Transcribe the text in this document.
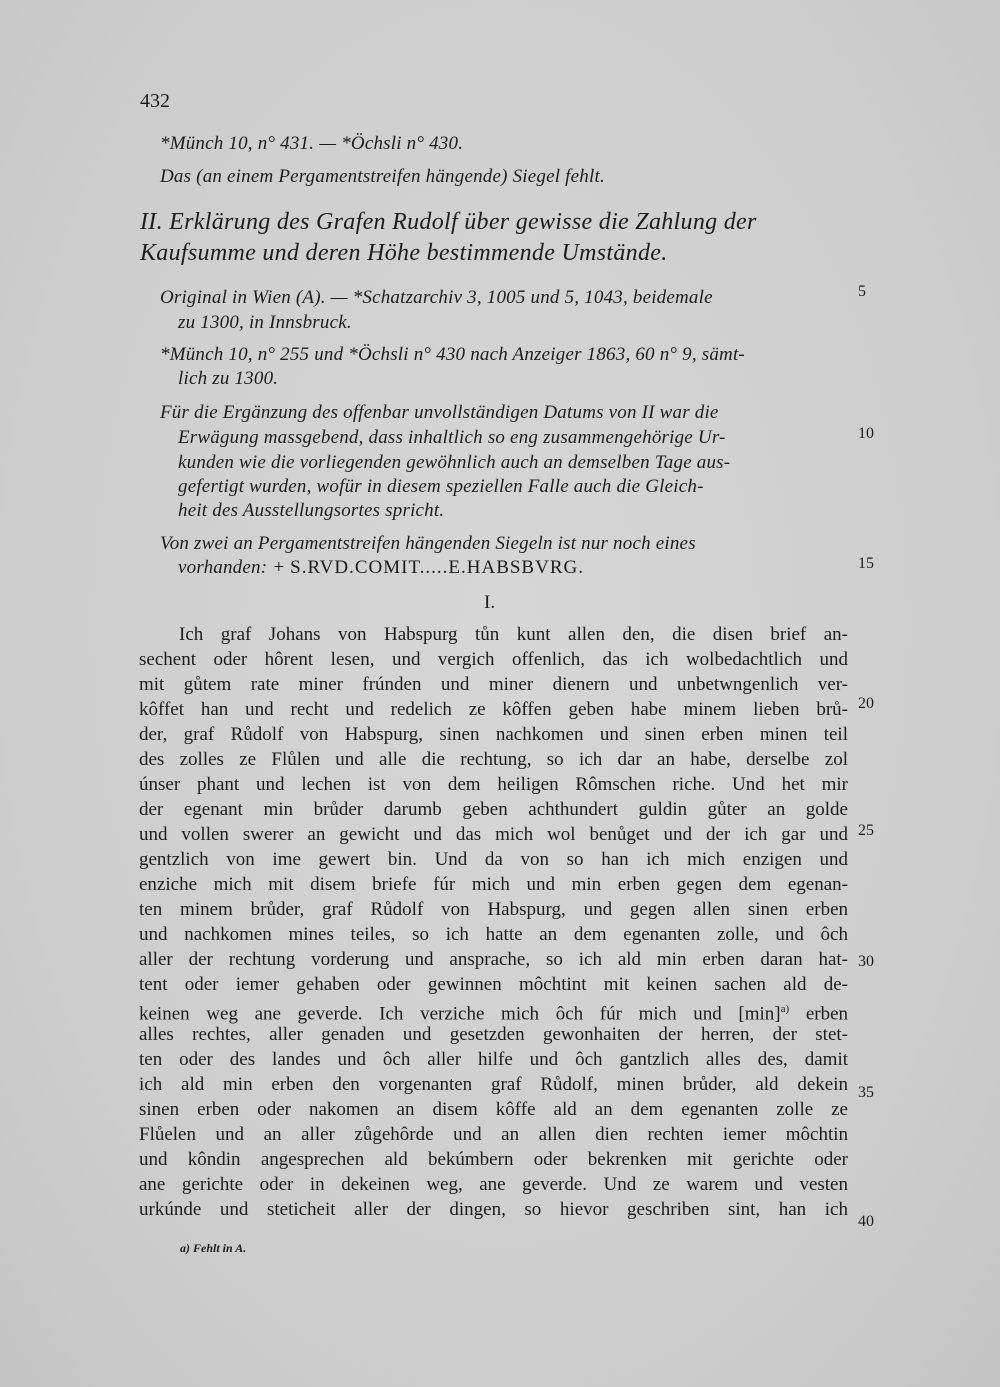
432
*Münch 10, n° 431. — *Öchsli n° 430.
Das (an einem Pergamentstreifen hängende) Siegel fehlt.
II. Erklärung des Grafen Rudolf über gewisse die Zahlung der
Kaufsumme und deren Höhe bestimmende Umstände.
Original in Wien (A). — *Schatzarchiv 3, 1005 und 5, 1043, beidemale
zu 1300, in Innsbruck.
*Münch 10, n° 255 und *Öchsli n° 430 nach Anzeiger 1863, 60 n° 9, sämt-
lich zu 1300.
Für die Ergänzung des offenbar unvollständigen Datums von II war die
Erwägung massgebend, dass inhaltlich so eng zusammengehörige Ur-
kunden wie die vorliegenden gewöhnlich auch an demselben Tage aus-
gefertigt wurden, wofür in diesem speziellen Falle auch die Gleich-
heit des Ausstellungsortes spricht.
Von zwei an Pergamentstreifen hängenden Siegeln ist nur noch eines
vorhanden: + S.RVD.COMIT.....E.HABSBVRG.
I.
Ich graf Johans von Habspurg tůn kunt allen den, die disen brief an-
sechent oder hôrent lesen, und vergich offenlich, das ich wolbedachtlich und
mit gůtem rate miner frúnden und miner dienern und unbetwngenlich ver-
kôffet han und recht und redelich ze kôffen geben habe minem lieben brů-
der, graf Růdolf von Habspurg, sinen nachkomen und sinen erben minen teil
des zolles ze Flůlen und alle die rechtung, so ich dar an habe, derselbe zol
únser phant und lechen ist von dem heiligen Rômschen riche. Und het mir
der egenant min brůder darumb geben achthundert guldin gůter an golde
und vollen swerer an gewicht und das mich wol benůget und der ich gar und
gentzlich von ime gewert bin. Und da von so han ich mich enzigen und
enziche mich mit disem briefe fúr mich und min erben gegen dem egenan-
ten minem brůder, graf Růdolf von Habspurg, und gegen allen sinen erben
und nachkomen mines teiles, so ich hatte an dem egenanten zolle, und ôch
aller der rechtung vorderung und ansprache, so ich ald min erben daran hat-
tent oder iemer gehaben oder gewinnen môchtint mit keinen sachen ald de-
keinen weg ane geverde. Ich verziche mich ôch fúr mich und $[\min]^{a)}$ erben
alles rechtes, aller genaden und gesetzden gewonhaiten der herren, der stet-
ten oder des landes und ôch aller hilfe und ôch gantzlich alles des, damit
ich ald min erben den vorgenanten graf Růdolf, minen brůder, ald dekein
sinen erben oder nakomen an disem kôffe ald an dem egenanten zolle ze
Flůelen und an aller zůgehôrde und an allen dien rechten iemer môchtin
und kôndin angesprechen ald bekúmbern oder bekrenken mit gerichte oder
ane gerichte oder in dekeinen weg, ane geverde. Und ze warem und vesten
urkúnde und steticheit aller der dingen, so hievor geschriben sint, han ich
5
10
15
20
25
30
35
40
a) Fehlt in A.
